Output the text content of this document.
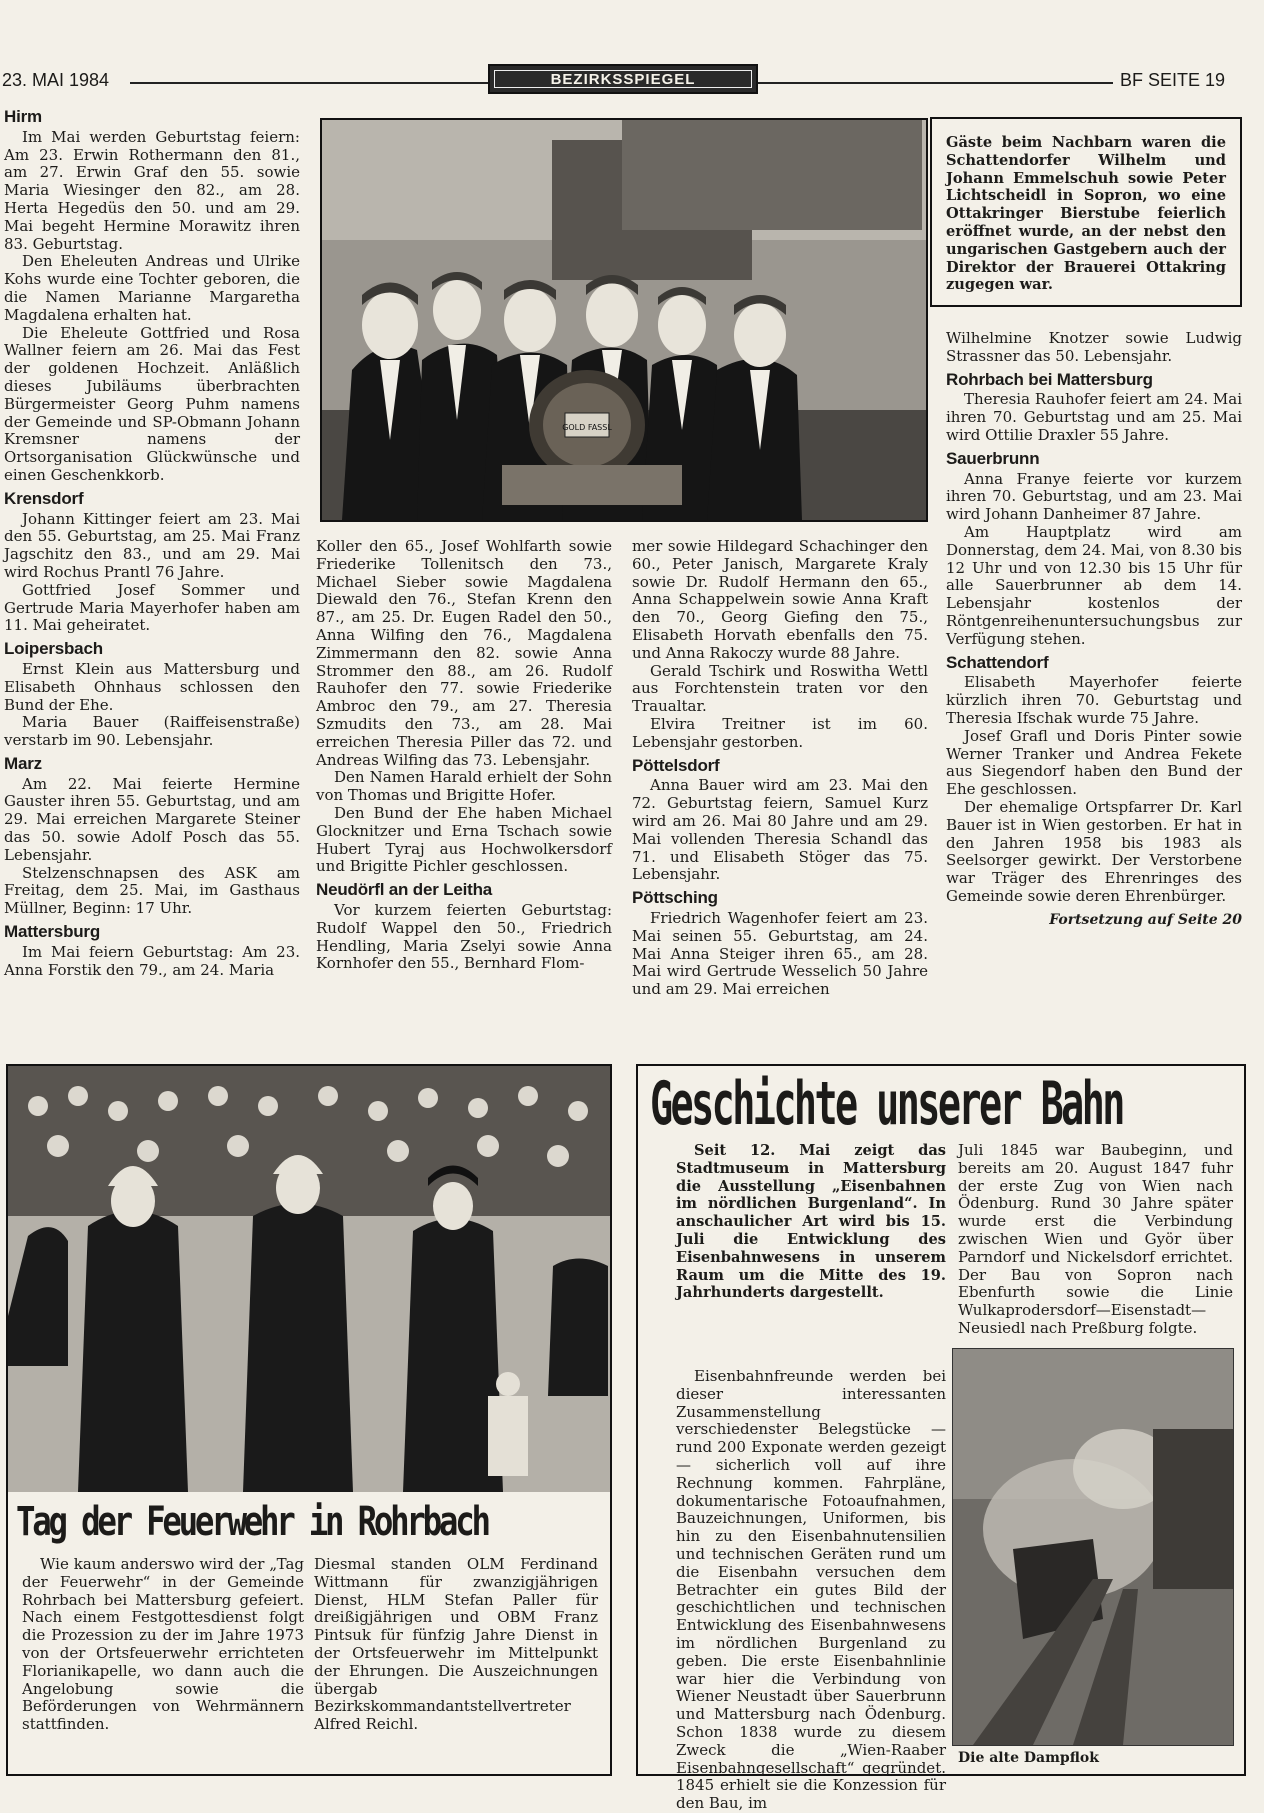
23. MAI 1984	BEZIRKSSPIEGEL	BF SEITE 19
Hirm

Im Mai werden Geburtstag feiern: Am 23. Erwin Rothermann den 81., am 27. Erwin Graf den 55. sowie Maria Wiesinger den 82., am 28. Herta Hegedüs den 50. und am 29. Mai begeht Hermine Morawitz ihren 83. Geburtstag.

Den Eheleuten Andreas und Ulrike Kohs wurde eine Tochter geboren, die die Namen Marianne Margaretha Magdalena erhalten hat.

Die Eheleute Gottfried und Rosa Wallner feiern am 26. Mai das Fest der goldenen Hochzeit. Anläßlich dieses Jubiläums überbrachten Bürgermeister Georg Puhm namens der Gemeinde und SP-Obmann Johann Kremsner namens der Ortsorganisation Glückwünsche und einen Geschenkkorb.

Krensdorf

Johann Kittinger feiert am 23. Mai den 55. Geburtstag, am 25. Mai Franz Jagschitz den 83., und am 29. Mai wird Rochus Prantl 76 Jahre.

Gottfried Josef Sommer und Gertrude Maria Mayerhofer haben am 11. Mai geheiratet.

Loipersbach

Ernst Klein aus Mattersburg und Elisabeth Ohnhaus schlossen den Bund der Ehe.

Maria Bauer (Raiffeisenstraße) verstarb im 90. Lebensjahr.

Marz

Am 22. Mai feierte Hermine Gauster ihren 55. Geburtstag, und am 29. Mai erreichen Margarete Steiner das 50. sowie Adolf Posch das 55. Lebensjahr.

Stelzenschnapsen des ASK am Freitag, dem 25. Mai, im Gasthaus Müllner, Beginn: 17 Uhr.

Mattersburg

Im Mai feiern Geburtstag: Am 23. Anna Forstik den 79., am 24. Maria

GOLD FASSL
Gäste beim Nachbarn waren die Schattendorfer Wilhelm und Johann Emmelschuh sowie Peter Lichtscheidl in Sopron, wo eine Ottakringer Bierstube feierlich eröffnet wurde, an der nebst den ungarischen Gastgebern auch der Direktor der Brauerei Ottakring zugegen war.

Wilhelmine Knotzer sowie Ludwig Strassner das 50. Lebensjahr.

Rohrbach bei Mattersburg

Theresia Rauhofer feiert am 24. Mai ihren 70. Geburtstag und am 25. Mai wird Ottilie Draxler 55 Jahre.

Sauerbrunn

Anna Franye feierte vor kurzem ihren 70. Geburtstag, und am 23. Mai wird Johann Danheimer 87 Jahre.

Am Hauptplatz wird am Donnerstag, dem 24. Mai, von 8.30 bis 12 Uhr und von 12.30 bis 15 Uhr für alle Sauerbrunner ab dem 14. Lebensjahr kostenlos der Röntgenreihenuntersuchungsbus zur Verfügung stehen.

Schattendorf

Elisabeth Mayerhofer feierte kürzlich ihren 70. Geburtstag und Theresia Ifschak wurde 75 Jahre.

Josef Grafl und Doris Pinter sowie Werner Tranker und Andrea Fekete aus Siegendorf haben den Bund der Ehe geschlossen.

Der ehemalige Ortspfarrer Dr. Karl Bauer ist in Wien gestorben. Er hat in den Jahren 1958 bis 1983 als Seelsorger gewirkt. Der Verstorbene war Träger des Ehrenringes des Gemeinde sowie deren Ehrenbürger.

Fortsetzung auf Seite 20

Koller den 65., Josef Wohlfarth sowie Friederike Tollenitsch den 73., Michael Sieber sowie Magdalena Diewald den 76., Stefan Krenn den 87., am 25. Dr. Eugen Radel den 50., Anna Wilfing den 76., Magdalena Zimmermann den 82. sowie Anna Strommer den 88., am 26. Rudolf Rauhofer den 77. sowie Friederike Ambroc den 79., am 27. Theresia Szmudits den 73., am 28. Mai erreichen Theresia Piller das 72. und Andreas Wilfing das 73. Lebensjahr.

Den Namen Harald erhielt der Sohn von Thomas und Brigitte Hofer.

Den Bund der Ehe haben Michael Glocknitzer und Erna Tschach sowie Hubert Tyraj aus Hochwolkersdorf und Brigitte Pichler geschlossen.

Neudörfl an der Leitha

Vor kurzem feierten Geburtstag: Rudolf Wappel den 50., Friedrich Hendling, Maria Zselyi sowie Anna Kornhofer den 55., Bernhard Flom-

mer sowie Hildegard Schachinger den 60., Peter Janisch, Margarete Kraly sowie Dr. Rudolf Hermann den 65., Anna Schappelwein sowie Anna Kraft den 70., Georg Giefing den 75., Elisabeth Horvath ebenfalls den 75. und Anna Rakoczy wurde 88 Jahre.

Gerald Tschirk und Roswitha Wettl aus Forchtenstein traten vor den Traualtar.

Elvira Treitner ist im 60. Lebensjahr gestorben.

Pöttelsdorf

Anna Bauer wird am 23. Mai den 72. Geburtstag feiern, Samuel Kurz wird am 26. Mai 80 Jahre und am 29. Mai vollenden Theresia Schandl das 71. und Elisabeth Stöger das 75. Lebensjahr.

Pöttsching

Friedrich Wagenhofer feiert am 23. Mai seinen 55. Geburtstag, am 24. Mai Anna Steiger ihren 65., am 28. Mai wird Gertrude Wesselich 50 Jahre und am 29. Mai erreichen

Tag der Feuerwehr in Rohrbach

Wie kaum anderswo wird der „Tag der Feuerwehr“ in der Gemeinde Rohrbach bei Mattersburg gefeiert. Nach einem Festgottesdienst folgt die Prozession zu der im Jahre 1973 von der Ortsfeuerwehr errichteten Florianikapelle, wo dann auch die Angelobung sowie die Beförderungen von Wehrmännern stattfinden.

Diesmal standen OLM Ferdinand Wittmann für zwanzigjährigen Dienst, HLM Stefan Paller für dreißigjährigen und OBM Franz Pintsuk für fünfzig Jahre Dienst in der Ortsfeuerwehr im Mittelpunkt der Ehrungen. Die Auszeichnungen übergab Bezirkskommandantstellvertreter Alfred Reichl.

Geschichte unserer Bahn

Seit 12. Mai zeigt das Stadtmuseum in Mattersburg die Ausstellung „Eisenbahnen im nördlichen Burgenland“. In anschaulicher Art wird bis 15. Juli die Entwicklung des Eisenbahnwesens in unserem Raum um die Mitte des 19. Jahrhunderts dargestellt.

Eisenbahnfreunde werden bei dieser interessanten Zusammenstellung verschiedenster Belegstücke — rund 200 Exponate werden gezeigt — sicherlich voll auf ihre Rechnung kommen. Fahrpläne, dokumentarische Fotoaufnahmen, Bauzeichnungen, Uniformen, bis hin zu den Eisenbahnutensilien und technischen Geräten rund um die Eisenbahn versuchen dem Betrachter ein gutes Bild der geschichtlichen und technischen Entwicklung des Eisenbahnwesens im nördlichen Burgenland zu geben. Die erste Eisenbahnlinie war hier die Verbindung von Wiener Neustadt über Sauerbrunn und Mattersburg nach Ödenburg. Schon 1838 wurde zu diesem Zweck die „Wien-Raaber Eisenbahngesellschaft“ gegründet. 1845 erhielt sie die Konzession für den Bau, im

Juli 1845 war Baubeginn, und bereits am 20. August 1847 fuhr der erste Zug von Wien nach Ödenburg. Rund 30 Jahre später wurde erst die Verbindung zwischen Wien und Györ über Parndorf und Nickelsdorf errichtet. Der Bau von Sopron nach Ebenfurth sowie die Linie Wulkaprodersdorf—Eisenstadt—Neusiedl nach Preßburg folgte.

Die alte Dampflok
